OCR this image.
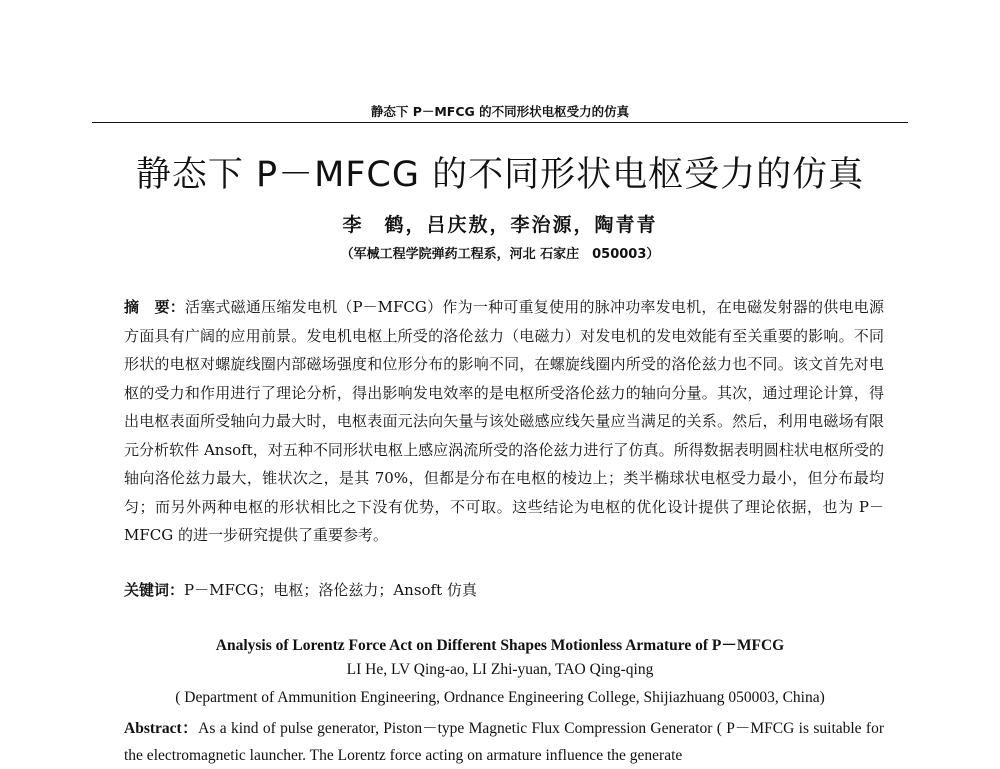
静态下 P－MFCG 的不同形状电枢受力的仿真
静态下 P－MFCG 的不同形状电枢受力的仿真
李　鹤，吕庆敖，李治源，陶青青
（军械工程学院弹药工程系，河北 石家庄　050003）

摘　要：活塞式磁通压缩发电机（P－MFCG）作为一种可重复使用的脉冲功率发电机，在电磁发射器的供电电源方面具有广阔的应用前景。发电机电枢上所受的洛伦兹力（电磁力）对发电机的发电效能有至关重要的影响。不同形状的电枢对螺旋线圈内部磁场强度和位形分布的影响不同，在螺旋线圈内所受的洛伦兹力也不同。该文首先对电枢的受力和作用进行了理论分析，得出影响发电效率的是电枢所受洛伦兹力的轴向分量。其次，通过理论计算，得出电枢表面所受轴向力最大时，电枢表面元法向矢量与该处磁感应线矢量应当满足的关系。然后，利用电磁场有限元分析软件 Ansoft，对五种不同形状电枢上感应涡流所受的洛伦兹力进行了仿真。所得数据表明圆柱状电枢所受的轴向洛伦兹力最大，锥状次之，是其 70%，但都是分布在电枢的棱边上；类半椭球状电枢受力最小，但分布最均匀；而另外两种电枢的形状相比之下没有优势，不可取。这些结论为电枢的优化设计提供了理论依据，也为 P－MFCG 的进一步研究提供了重要参考。

关键词：P－MFCG；电枢；洛伦兹力；Ansoft 仿真
Analysis of Lorentz Force Act on Different Shapes Motionless Armature of P－MFCG
LI He, LV Qing-ao, LI Zhi-yuan, TAO Qing-qing
( Department of Ammunition Engineering, Ordnance Engineering College, Shijiazhuang 050003, China)

Abstract：As a kind of pulse generator, Piston－type Magnetic Flux Compression Generator ( P－MFCG is suitable for the electromagnetic launcher. The Lorentz force acting on armature influence the generate
